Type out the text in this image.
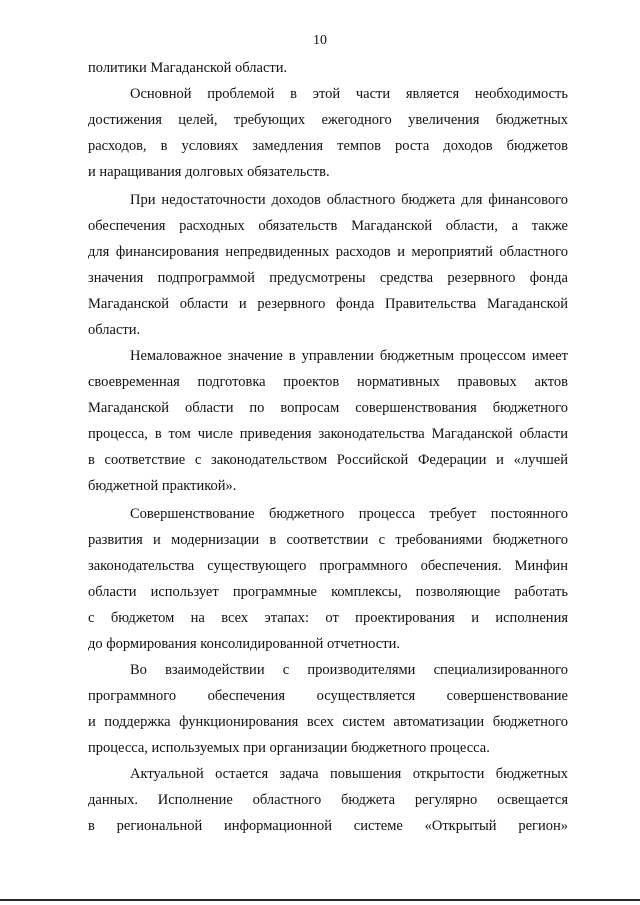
10
политики Магаданской области.
Основной проблемой в этой части является необходимость
достижения целей, требующих ежегодного увеличения бюджетных
расходов, в условиях замедления темпов роста доходов бюджетов
и наращивания долговых обязательств.
При недостаточности доходов областного бюджета для финансового
обеспечения расходных обязательств Магаданской области, а также
для финансирования непредвиденных расходов и мероприятий областного
значения подпрограммой предусмотрены средства резервного фонда
Магаданской области и резервного фонда Правительства Магаданской
области.
Немаловажное значение в управлении бюджетным процессом имеет
своевременная подготовка проектов нормативных правовых актов
Магаданской области по вопросам совершенствования бюджетного
процесса, в том числе приведения законодательства Магаданской области
в соответствие с законодательством Российской Федерации и «лучшей
бюджетной практикой».
Совершенствование бюджетного процесса требует постоянного
развития и модернизации в соответствии с требованиями бюджетного
законодательства существующего программного обеспечения. Минфин
области использует программные комплексы, позволяющие работать
с бюджетом на всех этапах: от проектирования и исполнения
до формирования консолидированной отчетности.
Во взаимодействии с производителями специализированного
программного обеспечения осуществляется совершенствование
и поддержка функционирования всех систем автоматизации бюджетного
процесса, используемых при организации бюджетного процесса.
Актуальной остается задача повышения открытости бюджетных
данных. Исполнение областного бюджета регулярно освещается
в региональной информационной системе «Открытый регион»
